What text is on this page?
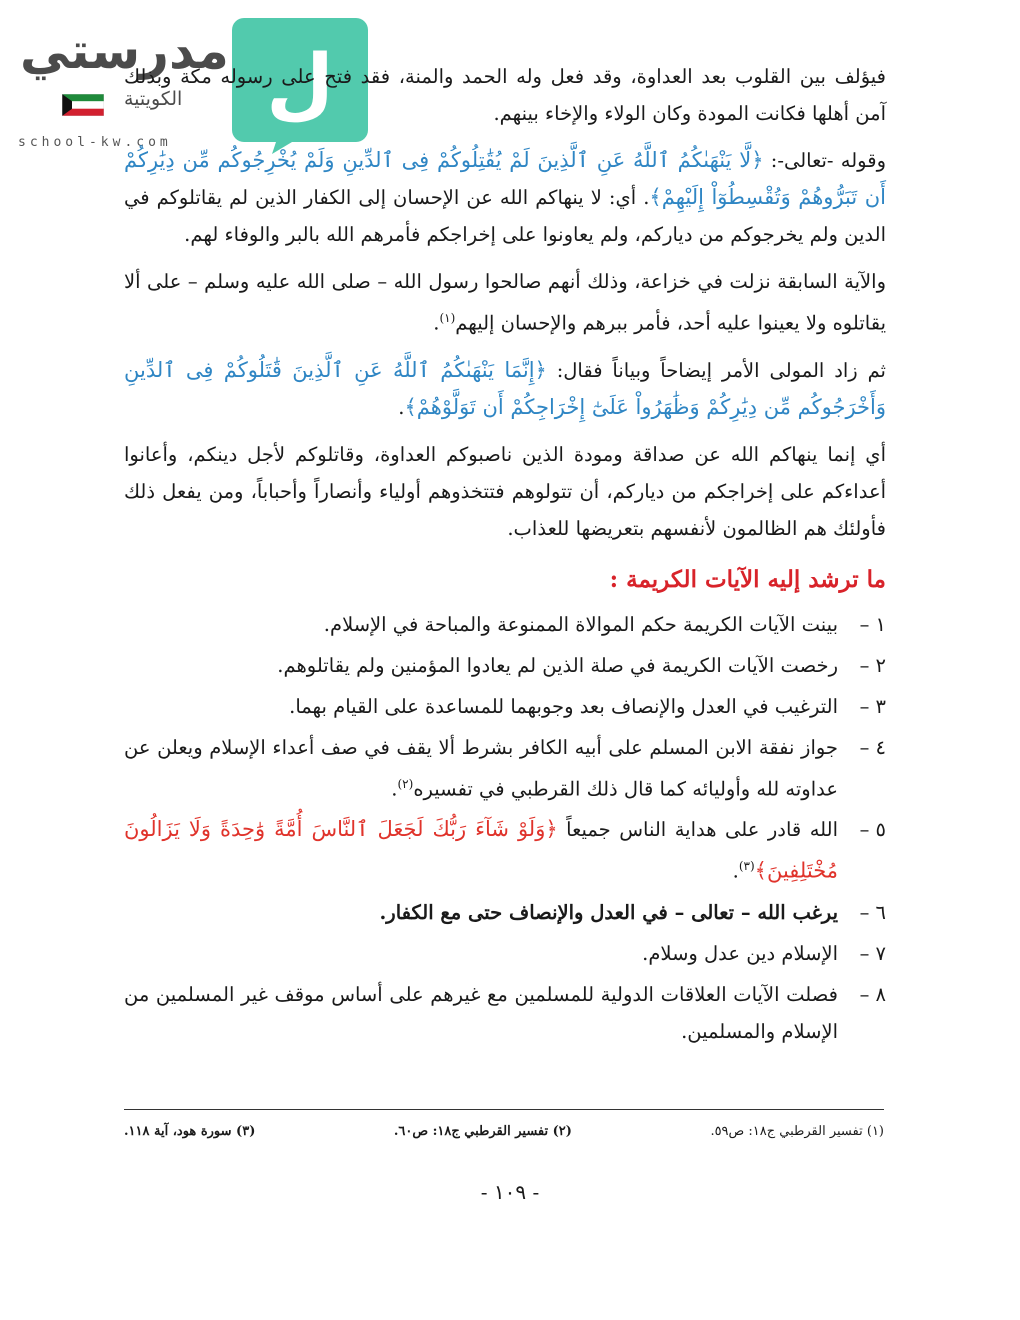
مدرستي
الكويتية
school-kw.com
ل

فيؤلف بين القلوب بعد العداوة، وقد فعل وله الحمد والمنة، فقد فتح على رسوله مكة وبذلك آمن أهلها فكانت المودة وكان الولاء والإخاء بينهم.

وقوله -تعالى-: ﴿لَّا يَنْهَىٰكُمُ ٱللَّهُ عَنِ ٱلَّذِينَ لَمْ يُقَٰتِلُوكُمْ فِى ٱلدِّينِ وَلَمْ يُخْرِجُوكُم مِّن دِيَٰرِكُمْ أَن تَبَرُّوهُمْ وَتُقْسِطُوٓاْ إِلَيْهِمْ﴾. أي: لا ينهاكم الله عن الإحسان إلى الكفار الذين لم يقاتلوكم في الدين ولم يخرجوكم من دياركم، ولم يعاونوا على إخراجكم فأمرهم الله بالبر والوفاء لهم.

والآية السابقة نزلت في خزاعة، وذلك أنهم صالحوا رسول الله – صلى الله عليه وسلم – على ألا يقاتلوه ولا يعينوا عليه أحد، فأمر ببرهم والإحسان إليهم$^{(١)}$.

ثم زاد المولى الأمر إيضاحاً وبياناً فقال: ﴿إِنَّمَا يَنْهَىٰكُمُ ٱللَّهُ عَنِ ٱلَّذِينَ قَٰتَلُوكُمْ فِى ٱلدِّينِ وَأَخْرَجُوكُم مِّن دِيَٰرِكُمْ وَظَٰهَرُواْ عَلَىٰٓ إِخْرَاجِكُمْ أَن تَوَلَّوْهُمْ﴾.

أي إنما ينهاكم الله عن صداقة ومودة الذين ناصبوكم العداوة، وقاتلوكم لأجل دينكم، وأعانوا أعداءكم على إخراجكم من دياركم، أن تتولوهم فتتخذوهم أولياء وأنصاراً وأحباباً، ومن يفعل ذلك فأولئك هم الظالمون لأنفسهم بتعريضها للعذاب.

ما ترشد إليه الآيات الكريمة :

١ –
بينت الآيات الكريمة حكم الموالاة الممنوعة والمباحة في الإسلام.
٢ –
رخصت الآيات الكريمة في صلة الذين لم يعادوا المؤمنين ولم يقاتلوهم.
٣ –
الترغيب في العدل والإنصاف بعد وجوبهما للمساعدة على القيام بهما.
٤ –
جواز نفقة الابن المسلم على أبيه الكافر بشرط ألا يقف في صف أعداء الإسلام ويعلن عن عداوته لله وأوليائه كما قال ذلك القرطبي في تفسيره$^{(٢)}$.
٥ –
الله قادر على هداية الناس جميعاً ﴿وَلَوْ شَآءَ رَبُّكَ لَجَعَلَ ٱلنَّاسَ أُمَّةً وَٰحِدَةً وَلَا يَزَالُونَ مُخْتَلِفِينَ﴾$^{(٣)}$.
٦ –
يرغب الله – تعالى – في العدل والإنصاف حتى مع الكفار.
٧ –
الإسلام دين عدل وسلام.
٨ –
فصلت الآيات العلاقات الدولية للمسلمين مع غيرهم على أساس موقف غير المسلمين من الإسلام والمسلمين.
(١) تفسير القرطبي ج١٨: ص٥٩.
(٢) تفسير القرطبي ج١٨: ص٦٠.
(٣) سورة هود، آية ١١٨.
- ١٠٩ -
